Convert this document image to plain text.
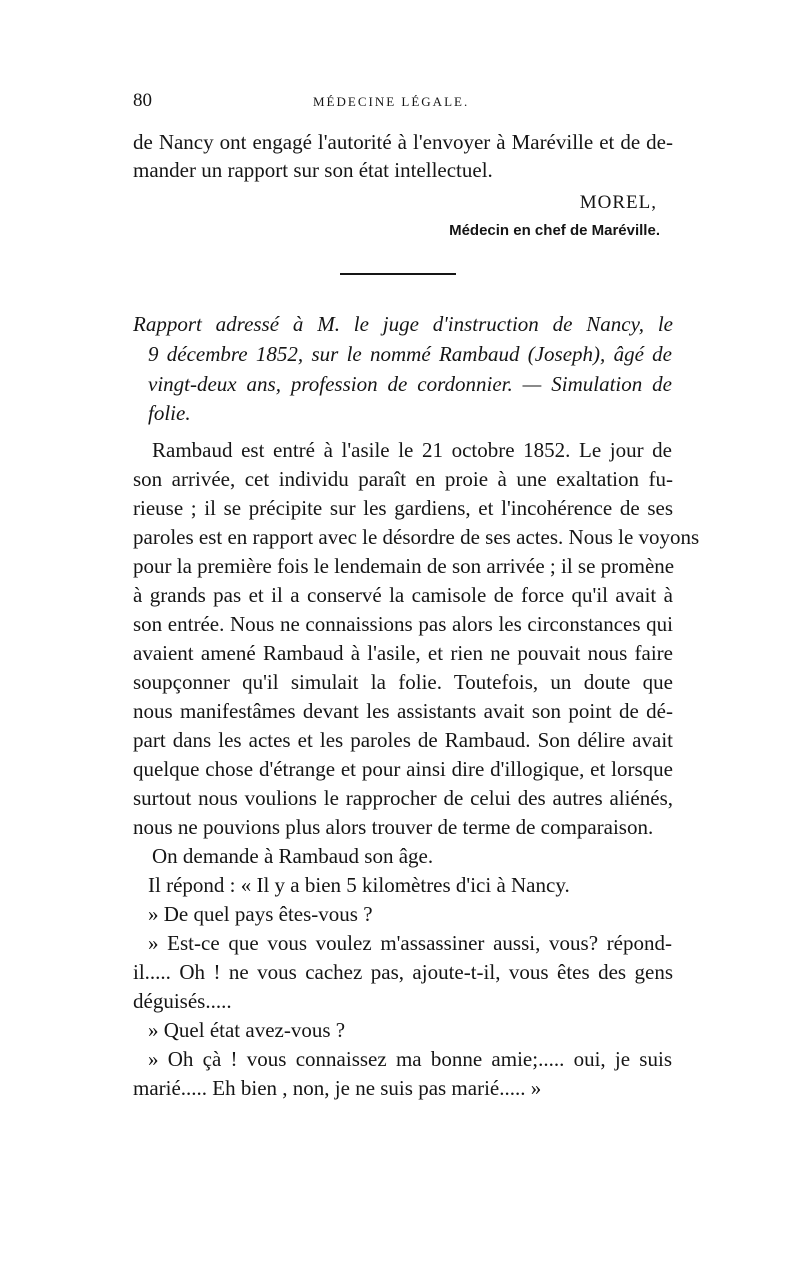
80	MÉDECINE LÉGALE.
de Nancy ont engagé l'autorité à l'envoyer à Maréville et de de-
mander un rapport sur son état intellectuel.
MOREL,
Médecin en chef de Maréville.
Rapport adressé à M. le juge d'instruction de Nancy, le
9 décembre 1852, sur le nommé Rambaud (Joseph), âgé de
vingt-deux ans, profession de cordonnier. — Simulation de
folie.
Rambaud est entré à l'asile le 21 octobre 1852. Le jour de
son arrivée, cet individu paraît en proie à une exaltation fu-
rieuse ; il se précipite sur les gardiens, et l'incohérence de ses
paroles est en rapport avec le désordre de ses actes. Nous le voyons
pour la première fois le lendemain de son arrivée ; il se promène
à grands pas et il a conservé la camisole de force qu'il avait à
son entrée. Nous ne connaissions pas alors les circonstances qui
avaient amené Rambaud à l'asile, et rien ne pouvait nous faire
soupçonner qu'il simulait la folie. Toutefois, un doute que
nous manifestâmes devant les assistants avait son point de dé-
part dans les actes et les paroles de Rambaud. Son délire avait
quelque chose d'étrange et pour ainsi dire d'illogique, et lorsque
surtout nous voulions le rapprocher de celui des autres aliénés,
nous ne pouvions plus alors trouver de terme de comparaison.
On demande à Rambaud son âge.
Il répond : « Il y a bien 5 kilomètres d'ici à Nancy.
» De quel pays êtes-vous ?
» Est-ce que vous voulez m'assassiner aussi, vous? répond-
il..... Oh ! ne vous cachez pas, ajoute-t-il, vous êtes des gens
déguisés.....
» Quel état avez-vous ?
» Oh çà ! vous connaissez ma bonne amie;..... oui, je suis
marié..... Eh bien , non, je ne suis pas marié..... »
